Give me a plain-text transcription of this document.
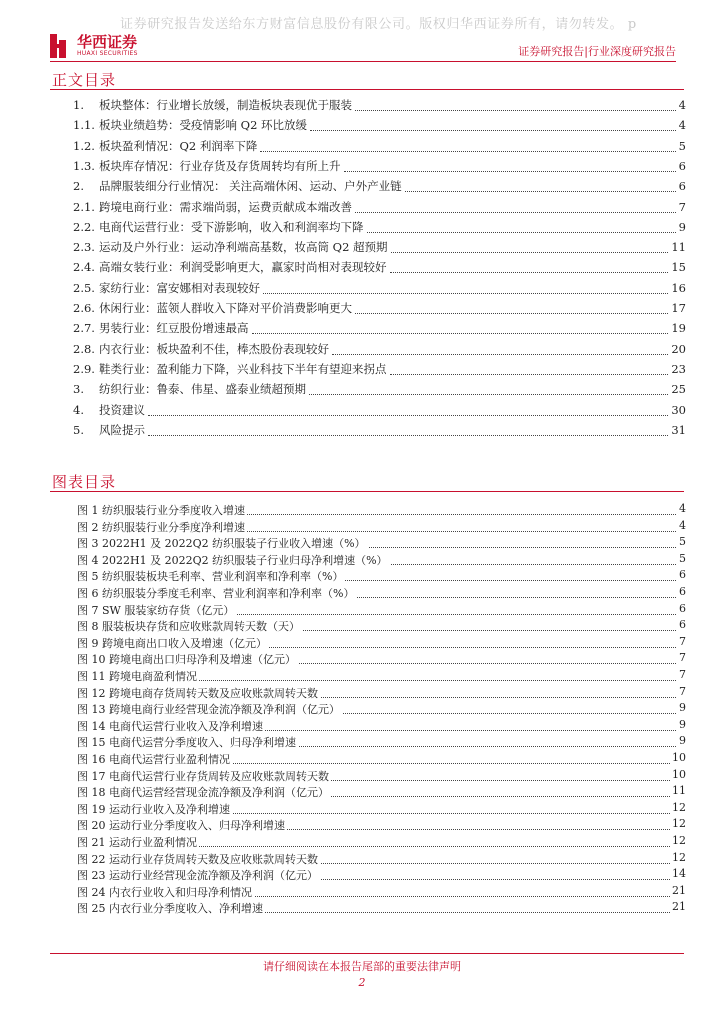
证券研究报告发送给东方财富信息股份有限公司。版权归华西证券所有，请勿转发。 p
华西证券
HUAXI SECURITIES	证券研究报告|行业深度研究报告
正文目录
1. 板块整体：行业增长放缓，制造板块表现优于服装	4
1.1. 板块业绩趋势：受疫情影响 Q2 环比放缓	4
1.2. 板块盈利情况：Q2 利润率下降	5
1.3. 板块库存情况：行业存货及存货周转均有所上升	6
2. 品牌服装细分行业情况： 关注高端休闲、运动、户外产业链	6
2.1. 跨境电商行业：需求端尚弱，运费贡献成本端改善	7
2.2. 电商代运营行业：受下游影响，收入和利润率均下降	9
2.3. 运动及户外行业：运动净利端高基数，妆高筒 Q2 超预期	11
2.4. 高端女装行业：利润受影响更大，赢家时尚相对表现较好	15
2.5. 家纺行业：富安娜相对表现较好	16
2.6. 休闲行业：蓝领人群收入下降对平价消费影响更大	17
2.7. 男装行业：红豆股份增速最高	19
2.8. 内衣行业：板块盈利不佳，棒杰股份表现较好	20
2.9. 鞋类行业：盈利能力下降，兴业科技下半年有望迎来拐点	23
3. 纺织行业：鲁泰、伟星、盛泰业绩超预期	25
4. 投资建议	30
5. 风险提示	31
图表目录
图 1 纺织服装行业分季度收入增速	4
图 2 纺织服装行业分季度净利增速	4
图 3 2022H1 及 2022Q2 纺织服装子行业收入增速（%）	5
图 4 2022H1 及 2022Q2 纺织服装子行业归母净利增速（%）	5
图 5 纺织服装板块毛利率、营业利润率和净利率（%）	6
图 6 纺织服装分季度毛利率、营业利润率和净利率（%）	6
图 7 SW 服装家纺存货（亿元）	6
图 8 服装板块存货和应收账款周转天数（天）	6
图 9 跨境电商出口收入及增速（亿元）	7
图 10 跨境电商出口归母净利及增速（亿元）	7
图 11 跨境电商盈利情况	7
图 12 跨境电商存货周转天数及应收账款周转天数	7
图 13 跨境电商行业经营现金流净额及净利润（亿元）	9
图 14 电商代运营行业收入及净利增速	9
图 15 电商代运营分季度收入、归母净利增速	9
图 16 电商代运营行业盈利情况	10
图 17 电商代运营行业存货周转及应收账款周转天数	10
图 18 电商代运营经营现金流净额及净利润（亿元）	11
图 19 运动行业收入及净利增速	12
图 20 运动行业分季度收入、归母净利增速	12
图 21 运动行业盈利情况	12
图 22 运动行业存货周转天数及应收账款周转天数	12
图 23 运动行业经营现金流净额及净利润（亿元）	14
图 24 内衣行业收入和归母净利情况	21
图 25 内衣行业分季度收入、净利增速	21
请仔细阅读在本报告尾部的重要法律声明
2
